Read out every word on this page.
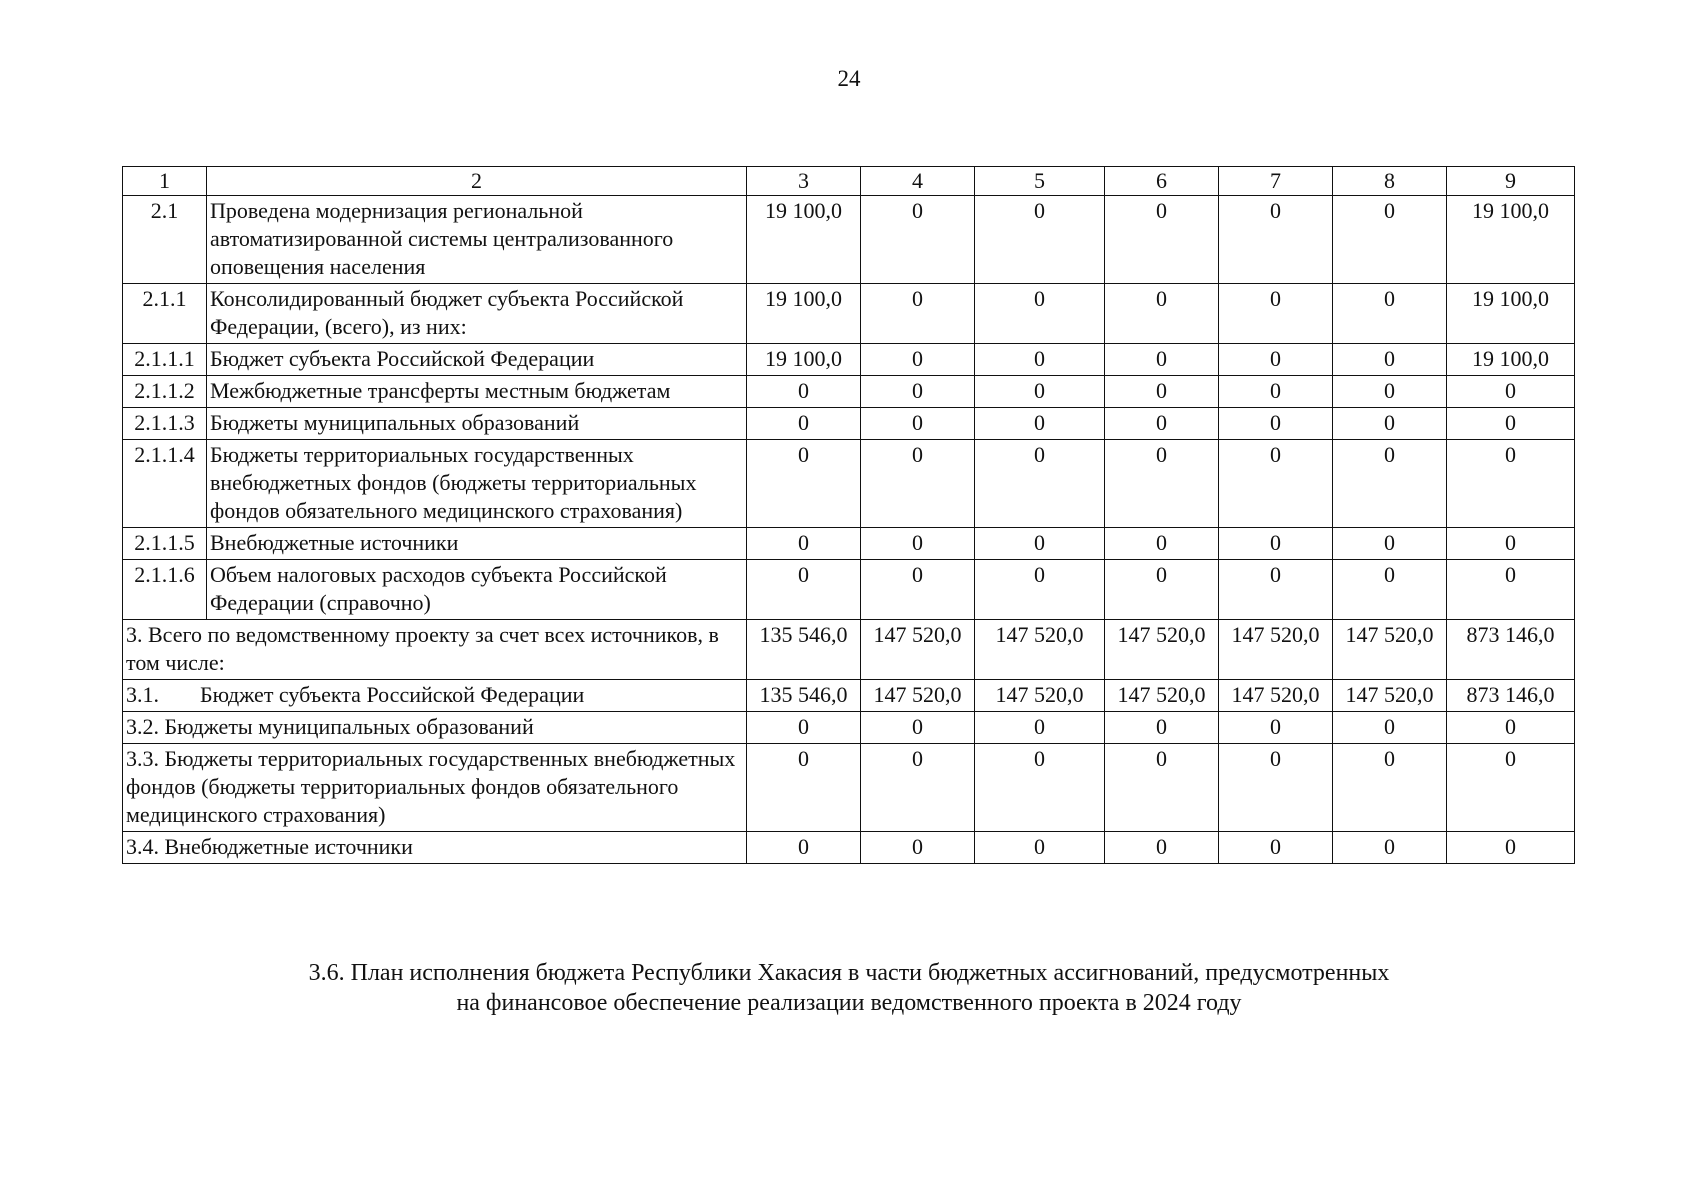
24
1	2	3	4	5	6	7	8	9
2.1	Проведена модернизация региональной автоматизированной системы централизованного оповещения населения	19 100,0	0	0	0	0	0	19 100,0
2.1.1	Консолидированный бюджет субъекта Российской Федерации, (всего), из них:	19 100,0	0	0	0	0	0	19 100,0
2.1.1.1	Бюджет субъекта Российской Федерации	19 100,0	0	0	0	0	0	19 100,0
2.1.1.2	Межбюджетные трансферты местным бюджетам	0	0	0	0	0	0	0
2.1.1.3	Бюджеты муниципальных образований	0	0	0	0	0	0	0
2.1.1.4	Бюджеты территориальных государственных внебюджетных фондов (бюджеты территориальных фондов обязательного медицинского страхования)	0	0	0	0	0	0	0
2.1.1.5	Внебюджетные источники	0	0	0	0	0	0	0
2.1.1.6	Объем налоговых расходов субъекта Российской Федерации (справочно)	0	0	0	0	0	0	0
3. Всего по ведомственному проекту за счет всех источников, в том числе:		135 546,0	147 520,0	147 520,0	147 520,0	147 520,0	147 520,0	873 146,0
3.1. Бюджет субъекта Российской Федерации		135 546,0	147 520,0	147 520,0	147 520,0	147 520,0	147 520,0	873 146,0
3.2. Бюджеты муниципальных образований		0	0	0	0	0	0	0
3.3. Бюджеты территориальных государственных внебюджетных фондов (бюджеты территориальных фондов обязательного медицинского страхования)		0	0	0	0	0	0	0
3.4. Внебюджетные источники		0	0	0	0	0	0	0
3.6. План исполнения бюджета Республики Хакасия в части бюджетных ассигнований, предусмотренных
на финансовое обеспечение реализации ведомственного проекта в 2024 году
